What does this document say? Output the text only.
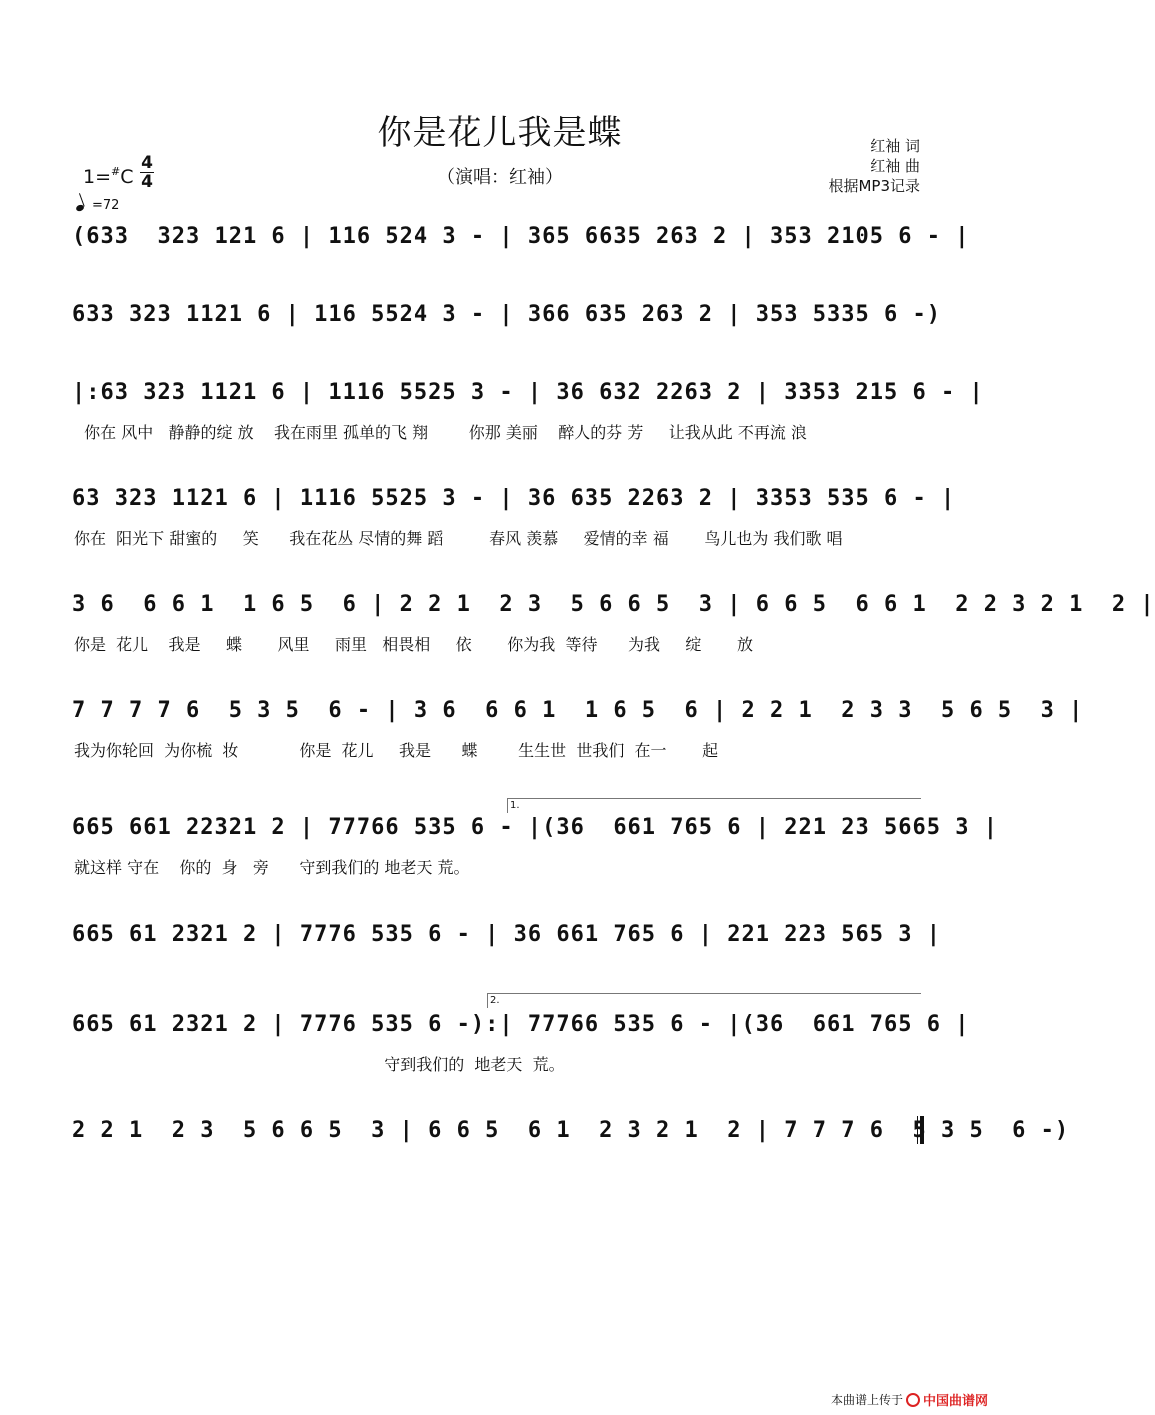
你是花儿我是蝶	红袖 词
红袖 曲
根据MP3记录
（演唱：红袖）
1=#C
4
4
=72
(633  323 121 6 | 116 524 3 - | 365 6635 263 2 | 353 2105 6 - |
633 323 1121 6 | 116 5524 3 - | 366 635 263 2 | 353 5335 6 -)
|:63 323 1121 6 | 1116 5525 3 - | 36 632 2263 2 | 3353 215 6 - |
你在 风中   静静的绽 放    我在雨里 孤单的飞 翔        你那 美丽    醉人的芬 芳     让我从此 不再流 浪
63 323 1121 6 | 1116 5525 3 - | 36 635 2263 2 | 3353 535 6 - |
你在  阳光下 甜蜜的     笑      我在花丛 尽情的舞 蹈         春风 羡慕     爱情的幸 福       鸟儿也为 我们歌 唱
3 6  6 6 1  1 6 5  6 | 2 2 1  2 3  5 6 6 5  3 | 6 6 5  6 6 1  2 2 3 2 1  2 |
你是  花儿    我是     蝶       风里     雨里   相畏相     依       你为我  等待      为我     绽       放
7 7 7 7 6  5 3 5  6 - | 3 6  6 6 1  1 6 5  6 | 2 2 1  2 3 3  5 6 5  3 |
我为你轮回  为你梳  妆            你是  花儿     我是      蝶        生生世  世我们  在一       起
1.
665 661 22321 2 | 77766 535 6 - |(36  661 765 6 | 221 23 5665 3 |
就这样 守在    你的  身   旁      守到我们的 地老天 荒。
665 61 2321 2 | 7776 535 6 - | 36 661 765 6 | 221 223 565 3 |
2.
665 61 2321 2 | 7776 535 6 -):| 77766 535 6 - |(36  661 765 6 |
守到我们的  地老天  荒。
2 2 1  2 3  5 6 6 5  3 | 6 6 5  6 1  2 3 2 1  2 | 7 7 7 6  5 3 5  6 -)
本曲谱上传于 中国曲谱网
